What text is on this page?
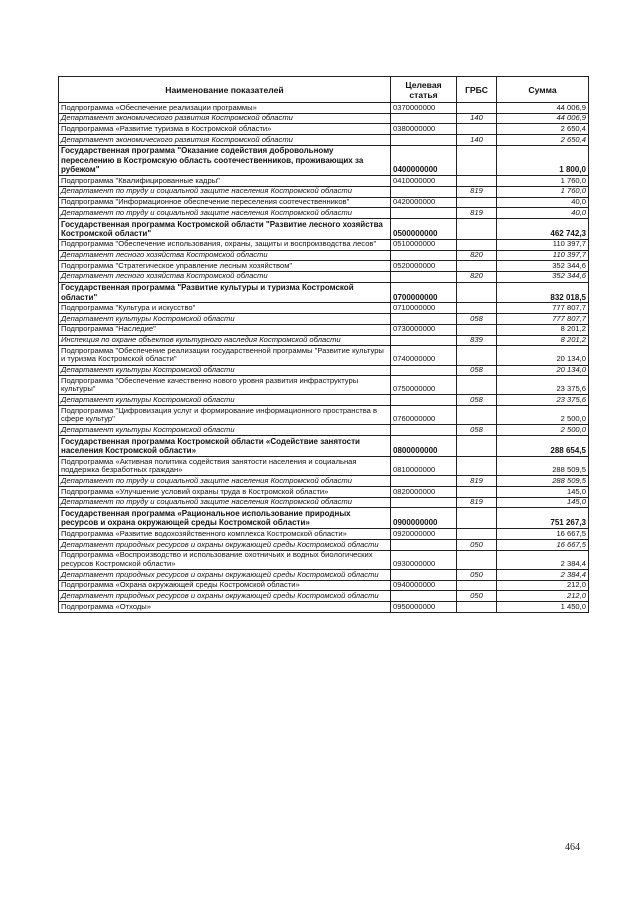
Наименование показателей	Целевая статья	ГРБС	Сумма
Подпрограмма «Обеспечение реализации программы»	0370000000		44 006,9
Департамент экономического развития Костромской области		140	44 006,9
Подпрограмма «Развитие туризма в Костромской области»	0380000000		2 650,4
Департамент экономического развития Костромской области		140	2 650,4
Государственная программа "Оказание содействия добровольному переселению в Костромскую область соотечественников, проживающих за рубежом"	0400000000		1 800,0
Подпрограмма "Квалифицированные кадры"	0410000000		1 760,0
Департамент по труду и социальной защите населения Костромской области		819	1 760,0
Подпрограмма "Информационное обеспечение переселения соотечественников"	0420000000		40,0
Департамент по труду и социальной защите населения Костромской области		819	40,0
Государственная программа Костромской области "Развитие лесного хозяйства Костромской области"	0500000000		462 742,3
Подпрограмма "Обеспечение использования, охраны, защиты и воспроизводства лесов"	0510000000		110 397,7
Департамент лесного хозяйства Костромской области		820	110 397,7
Подпрограмма "Стратегическое управление лесным хозяйством"	0520000000		352 344,6
Департамент лесного хозяйства Костромской области		820	352 344,6
Государственная программа "Развитие культуры и туризма Костромской области"	0700000000		832 018,5
Подпрограмма "Культура и искусство"	0710000000		777 807,7
Департамент культуры Костромской области		058	777 807,7
Подпрограмма "Наследие"	0730000000		8 201,2
Инспекция по охране объектов культурного наследия Костромской области		839	8 201,2
Подпрограмма "Обеспечение реализации государственной программы "Развитие культуры и туризма Костромской области"	0740000000		20 134,0
Департамент культуры Костромской области		058	20 134,0
Подпрограмма "Обеспечение качественно нового уровня развития инфраструктуры культуры"	0750000000		23 375,6
Департамент культуры Костромской области		058	23 375,6
Подпрограмма "Цифровизация услуг и формирование информационного пространства в сфере культур"	0760000000		2 500,0
Департамент культуры Костромской области		058	2 500,0
Государственная программа Костромской области «Содействие занятости населения Костромской области»	0800000000		288 654,5
Подпрограмма «Активная политика содействия занятости населения и социальная поддержка безработных граждан»	0810000000		288 509,5
Департамент по труду и социальной защите населения Костромской области		819	288 509,5
Подпрограмма «Улучшение условий охраны труда в Костромской области»	0820000000		145,0
Департамент по труду и социальной защите населения Костромской области		819	145,0
Государственная программа «Рациональное использование природных ресурсов и охрана окружающей среды Костромской области»	0900000000		751 267,3
Подпрограмма «Развитие водохозяйственного комплекса Костромской области»	0920000000		16 667,5
Департамент природных ресурсов и охраны окружающей среды Костромской области		050	16 667,5
Подпрограмма «Воспроизводство и использование охотничьих и водных биологических ресурсов Костромской области»	0930000000		2 384,4
Департамент природных ресурсов и охраны окружающей среды Костромской области		050	2 384,4
Подпрограмма «Охрана окружающей среды Костромской области»	0940000000		212,0
Департамент природных ресурсов и охраны окружающей среды Костромской области		050	212,0
Подпрограмма «Отходы»	0950000000		1 450,0
464
